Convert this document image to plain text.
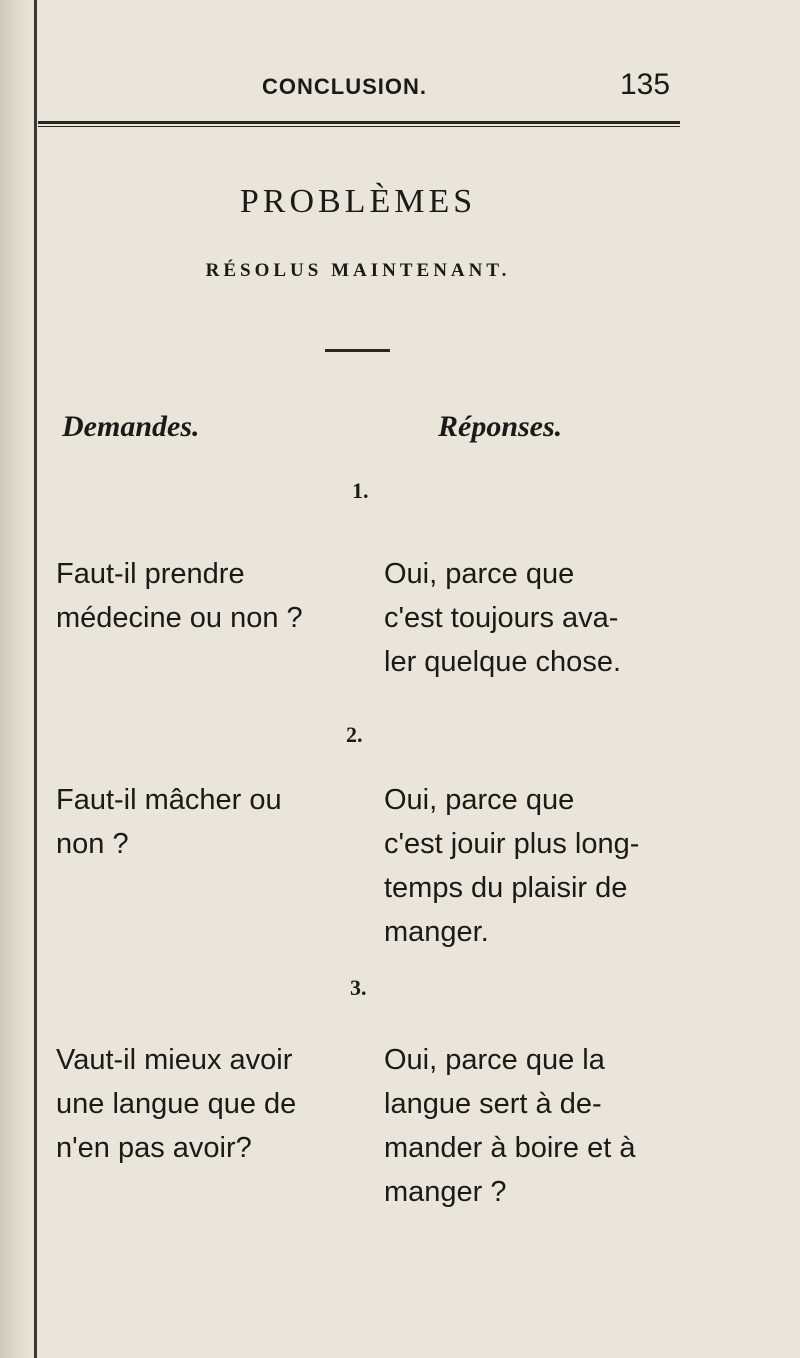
CONCLUSION.	135
PROBLÈMES
RÉSOLUS MAINTENANT.
Demandes.	Réponses.
1.
Faut-il prendre
médecine ou non ?
Oui, parce que
c'est toujours ava-
ler quelque chose.
2.
Faut-il mâcher ou
non ?
Oui, parce que
c'est jouir plus long-
temps du plaisir de
manger.
3.
Vaut-il mieux avoir
une langue que de
n'en pas avoir?
Oui, parce que la
langue sert à de-
mander à boire et à
manger ?
